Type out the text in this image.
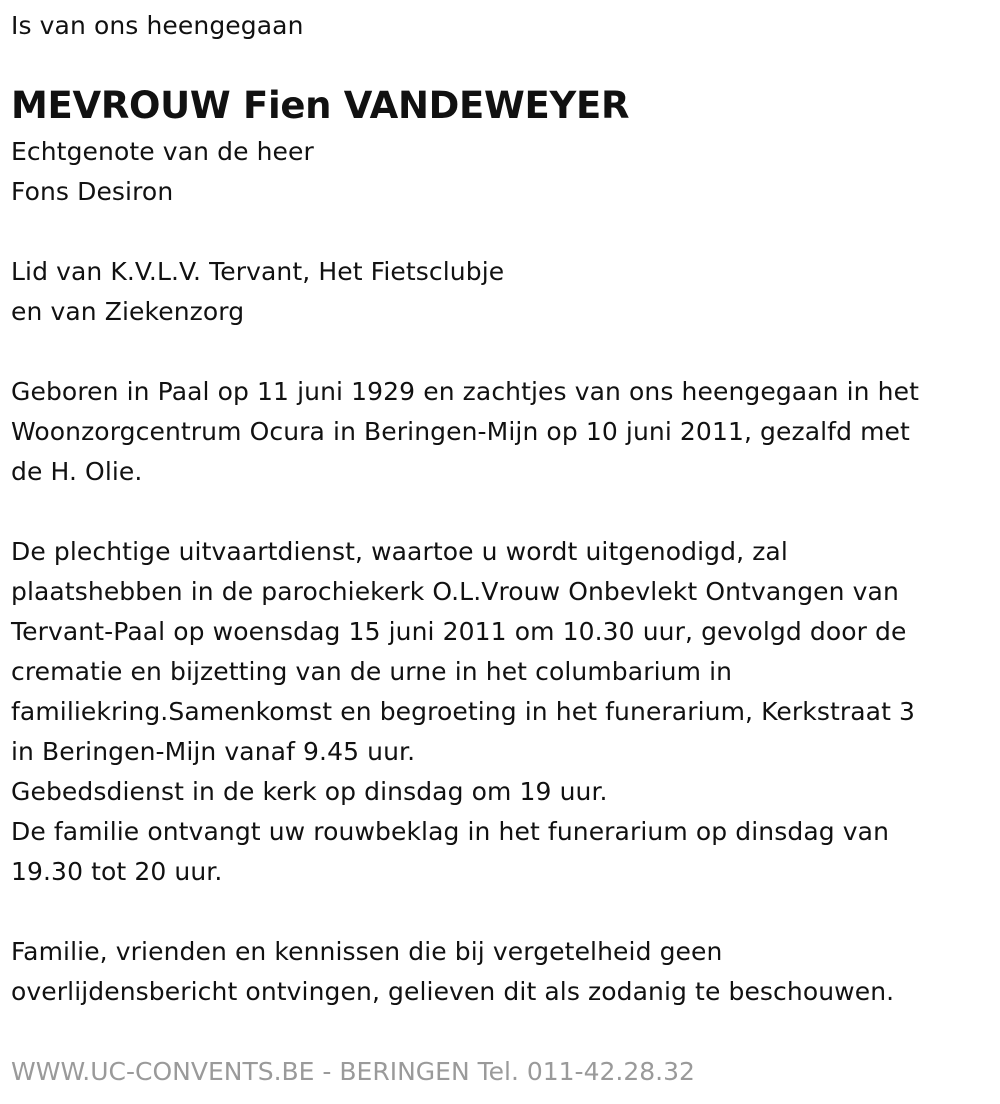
Is van ons heengegaan
MEVROUW Fien VANDEWEYER
Echtgenote van de heer
Fons Desiron
Lid van K.V.L.V. Tervant, Het Fietsclubje
en van Ziekenzorg
Geboren in Paal op 11 juni 1929 en zachtjes van ons heengegaan in het
Woonzorgcentrum Ocura in Beringen-Mijn op 10 juni 2011, gezalfd met
de H. Olie.
De plechtige uitvaartdienst, waartoe u wordt uitgenodigd, zal
plaatshebben in de parochiekerk O.L.Vrouw Onbevlekt Ontvangen van
Tervant-Paal op woensdag 15 juni 2011 om 10.30 uur, gevolgd door de
crematie en bijzetting van de urne in het columbarium in
familiekring.Samenkomst en begroeting in het funerarium, Kerkstraat 3
in Beringen-Mijn vanaf 9.45 uur.
Gebedsdienst in de kerk op dinsdag om 19 uur.
De familie ontvangt uw rouwbeklag in het funerarium op dinsdag van
19.30 tot 20 uur.
Familie, vrienden en kennissen die bij vergetelheid geen
overlijdensbericht ontvingen, gelieven dit als zodanig te beschouwen.
WWW.UC-CONVENTS.BE - BERINGEN Tel. 011-42.28.32
